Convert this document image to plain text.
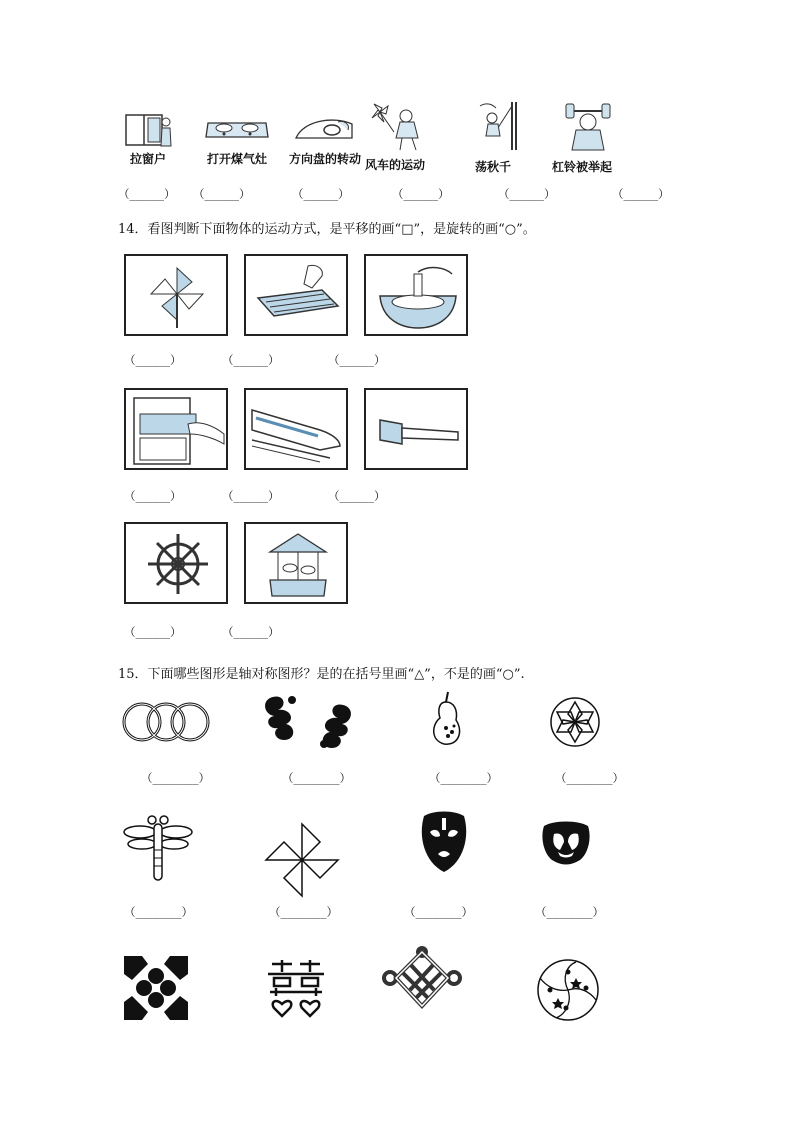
拉窗户	打开煤气灶 方向盘的转动 风车的运动	荡秋千	杠铃被举起
（______） （______）	（______）	（______）	（______）	（______）
14．看图判断下面物体的运动方式，是平移的画“□”，是旋转的画“○”。
（______）	（______）	（______）
（______）	（______）	（______）
（______）	（______）
15．下面哪些图形是轴对称图形？是的在括号里画“△”，不是的画“○”.
（________）	（________）	（________）	（________）
（________）	（________）	（________）	（________）
